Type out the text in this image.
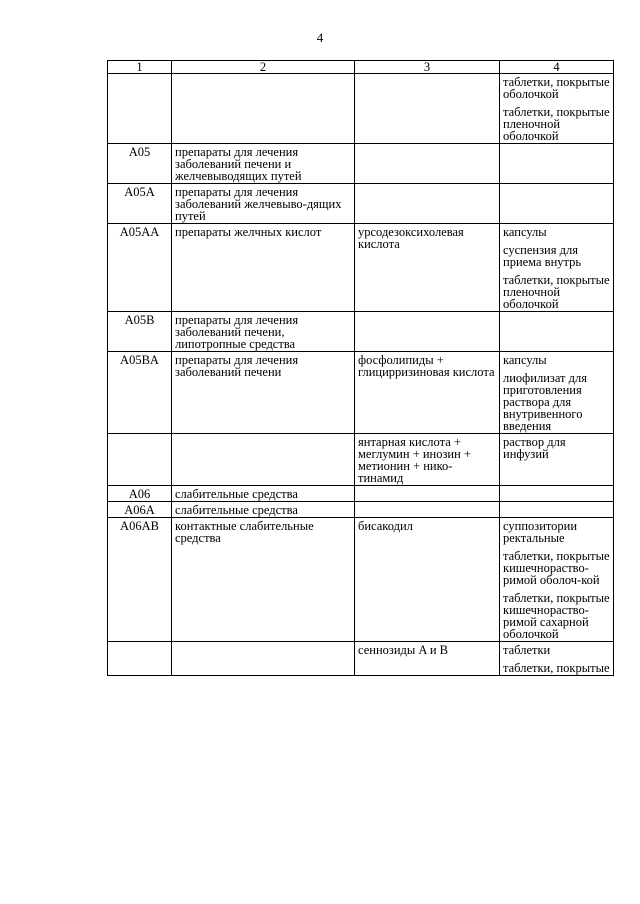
4
1	2	3	4

			таблетки, покрытые оболочкой
таблетки, покрытые пленочной оболочкой

A05	препараты для лечения заболеваний печени и желчевыводящих путей		
A05A	препараты для лечения заболеваний желчевыво-дящих путей		
A05AA	препараты желчных кислот	урсодезоксихолевая кислота	капсулы
суспензия для приема внутрь
таблетки, покрытые пленочной оболочкой

A05B	препараты для лечения заболеваний печени, липотропные средства		
A05BA	препараты для лечения заболеваний печени	фосфолипиды + глицирризиновая кислота	капсулы
лиофилизат для приготовления раствора для внутривенного введения

		янтарная кислота + меглумин + инозин + метионин + нико-тинамид	раствор для инфузий

A06	слабительные средства		
A06A	слабительные средства		
A06AB	контактные слабительные средства	бисакодил	суппозитории ректальные
таблетки, покрытые кишечнораство-римой оболоч-кой
таблетки, покрытые кишечнораство-римой сахарной оболочкой

		сеннозиды A и B	таблетки
таблетки, покрытые
